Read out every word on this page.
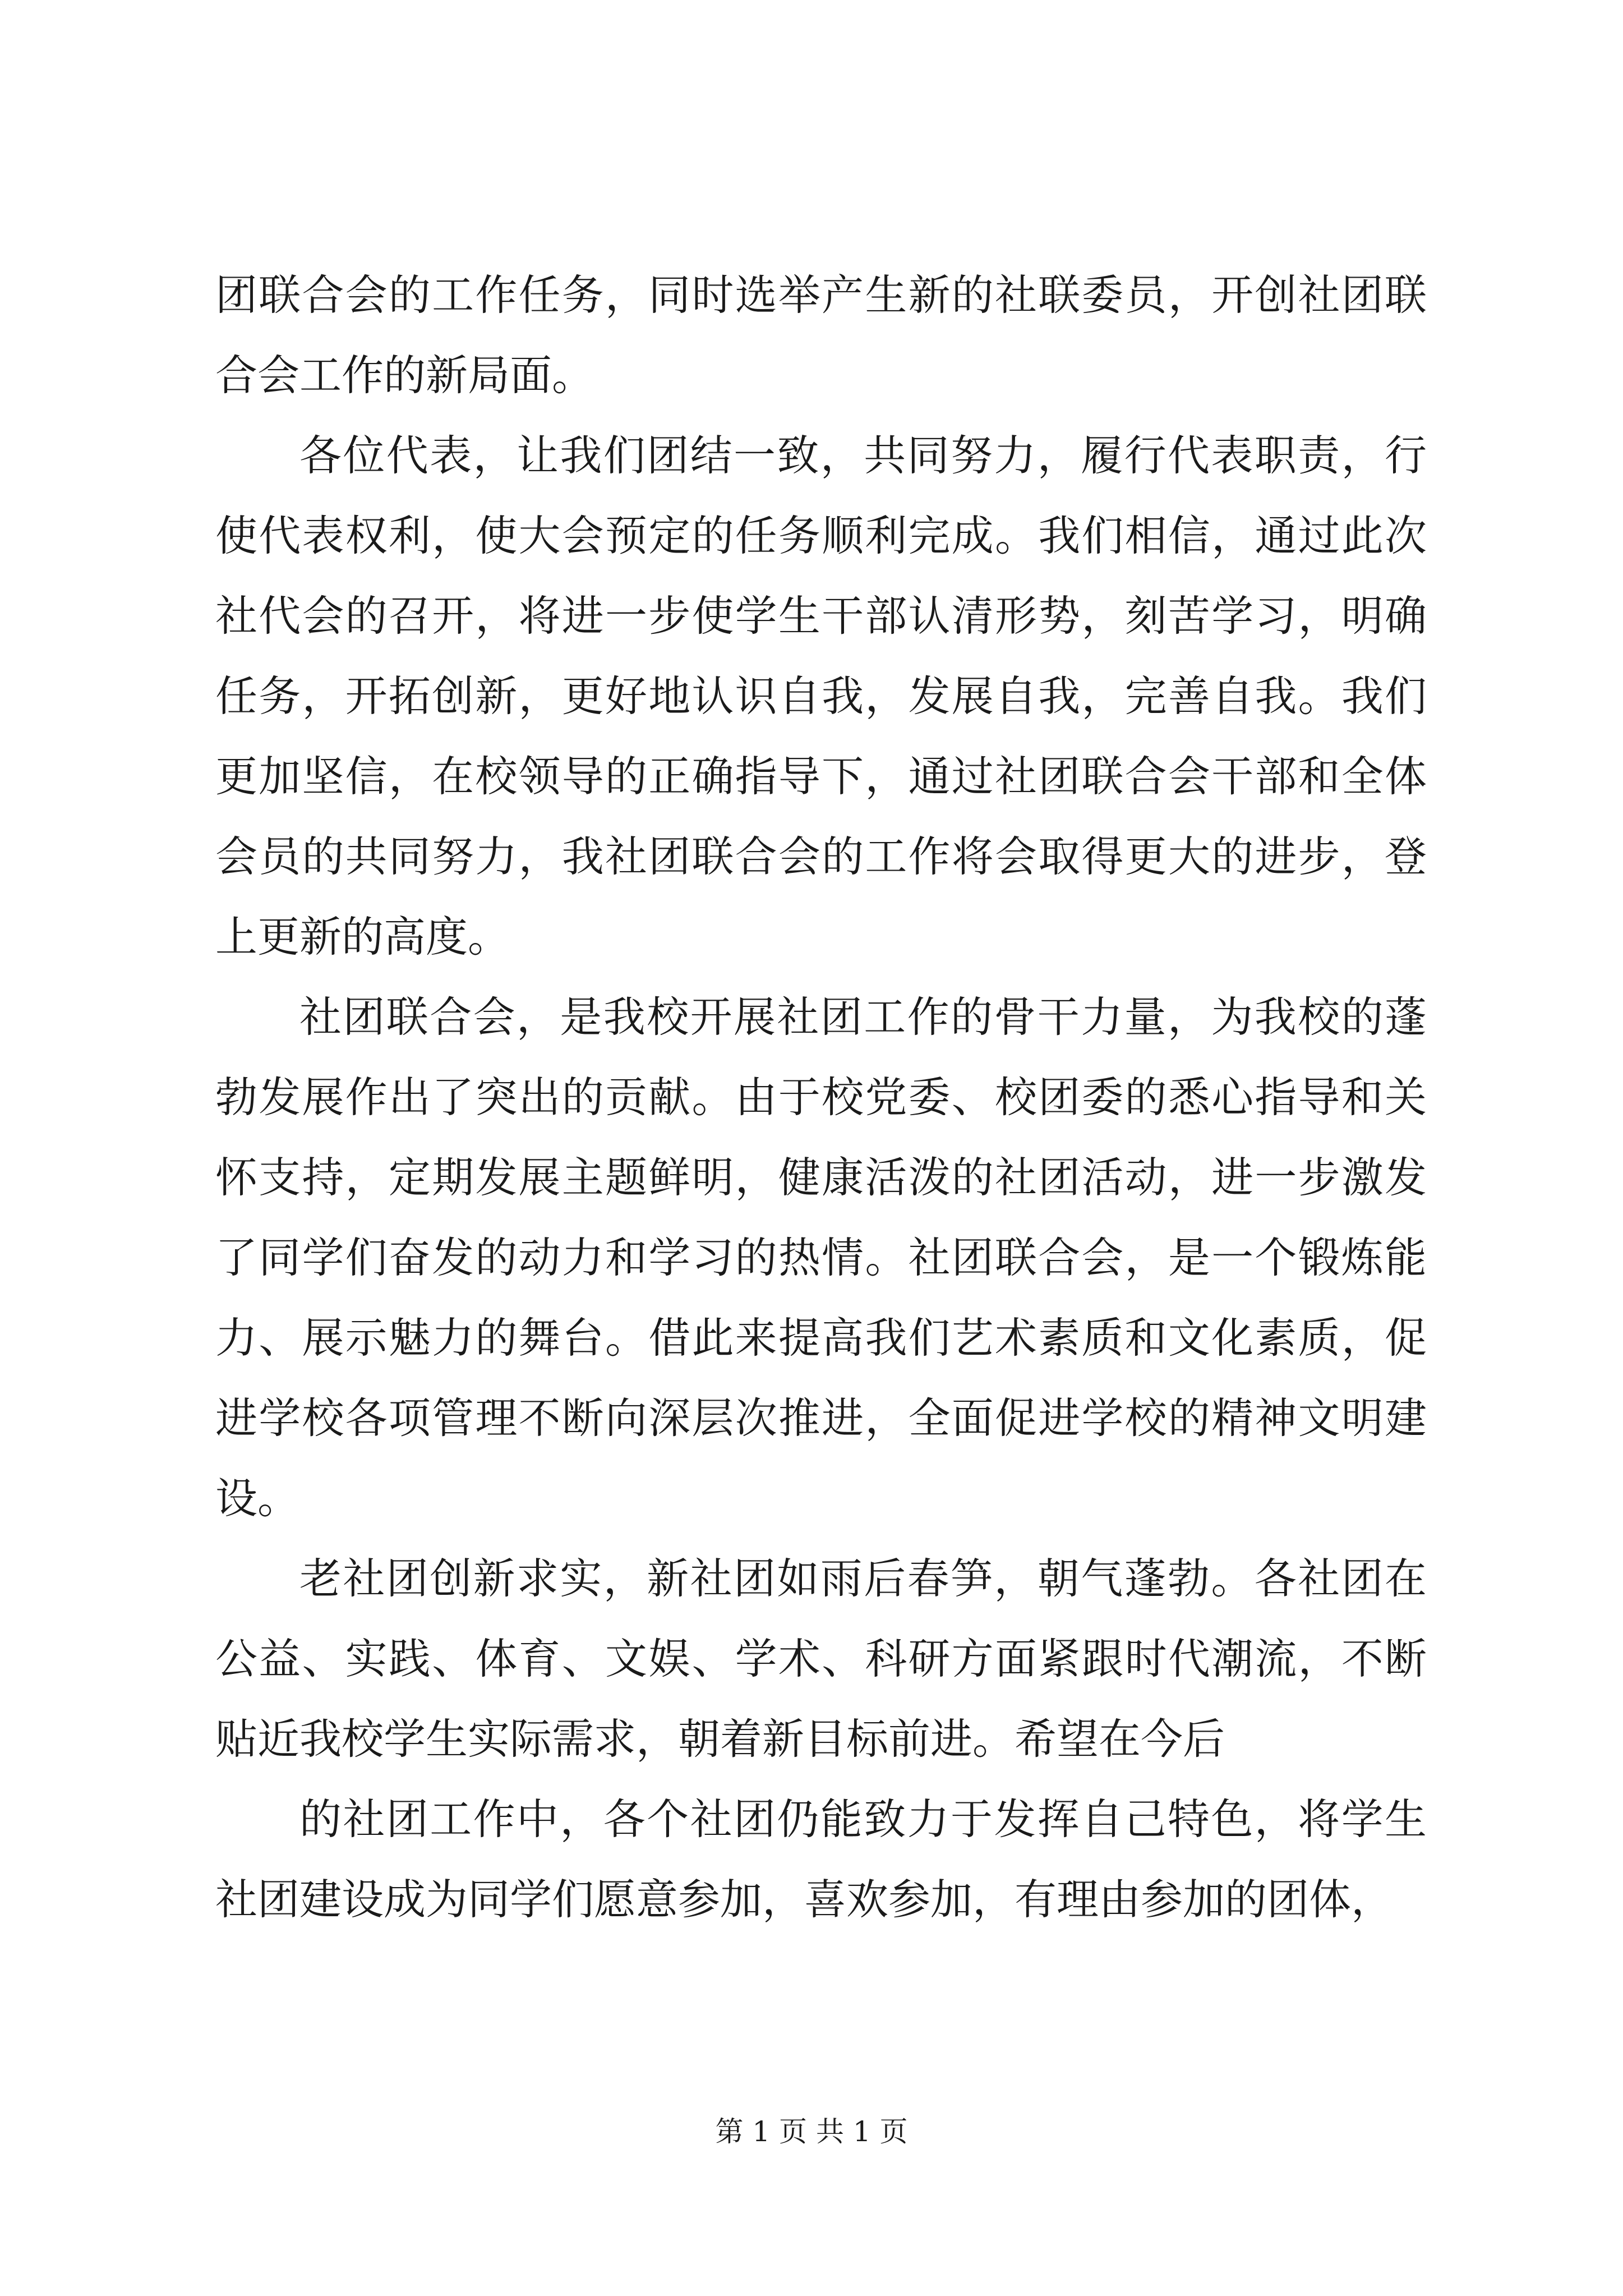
团联合会的工作任务，同时选举产生新的社联委员，开创社团联合会工作的新局面。

各位代表，让我们团结一致，共同努力，履行代表职责，行使代表权利，使大会预定的任务顺利完成。我们相信，通过此次社代会的召开，将进一步使学生干部认清形势，刻苦学习，明确任务，开拓创新，更好地认识自我，发展自我，完善自我。我们更加坚信，在校领导的正确指导下，通过社团联合会干部和全体会员的共同努力，我社团联合会的工作将会取得更大的进步，登上更新的高度。

社团联合会，是我校开展社团工作的骨干力量，为我校的蓬勃发展作出了突出的贡献。由于校党委、校团委的悉心指导和关怀支持，定期发展主题鲜明，健康活泼的社团活动，进一步激发了同学们奋发的动力和学习的热情。社团联合会，是一个锻炼能力、展示魅力的舞台。借此来提高我们艺术素质和文化素质，促进学校各项管理不断向深层次推进，全面促进学校的精神文明建设。

老社团创新求实，新社团如雨后春笋，朝气蓬勃。各社团在公益、实践、体育、文娱、学术、科研方面紧跟时代潮流，不断贴近我校学生实际需求，朝着新目标前进。希望在今后

的社团工作中，各个社团仍能致力于发挥自己特色，将学生社团建设成为同学们愿意参加，喜欢参加，有理由参加的团体，

第 1 页 共 1 页
